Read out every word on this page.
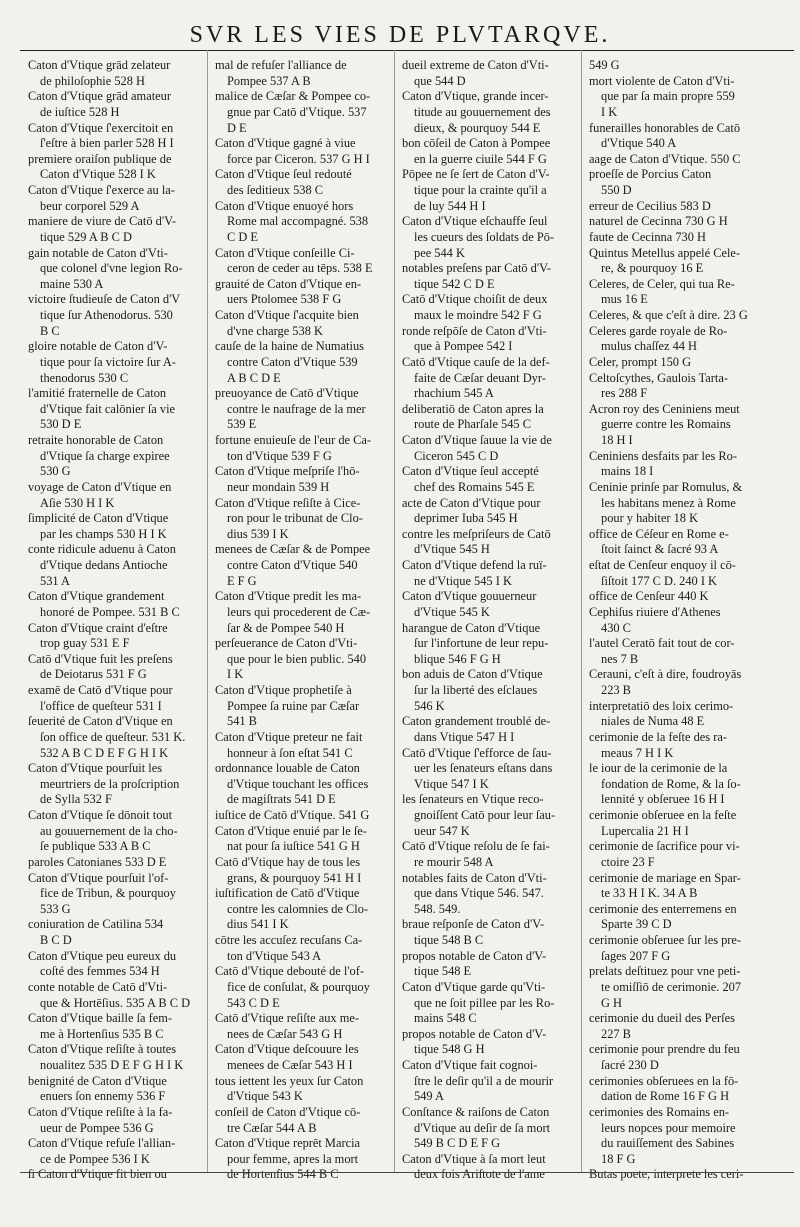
SVR LES VIES DE PLVTARQVE.
Caton d'Vtique grād zelateur
de philoſophie 528 H
Caton d'Vtique grād amateur
de iuſtice 528 H
Caton d'Vtique ſ'exercitoit en
ſ'eſtre à bien parler 528 H I
premiere oraiſon publique de
Caton d'Vtique 528 I K
Caton d'Vtique ſ'exerce au la-
beur corporel 529 A
maniere de viure de Catō d'V-
tique 529 A B C D
gain notable de Caton d'Vti-
que colonel d'vne legion Ro-
maine 530 A
victoire ſtudieuſe de Caton d'V
tique ſur Athenodorus. 530
B C
gloire notable de Caton d'V-
tique pour ſa victoire ſur A-
thenodorus 530 C
l'amitié fraternelle de Caton
d'Vtique fait calōnier ſa vie
530 D E
retraite honorable de Caton
d'Vtique ſa charge expiree
530 G
voyage de Caton d'Vtique en
Aſie 530 H I K
ſimplicité de Caton d'Vtique
par les champs 530 H I K
conte ridicule aduenu à Caton
d'Vtique dedans Antioche
531 A
Caton d'Vtique grandement
honoré de Pompee. 531 B C
Caton d'Vtique craint d'eſtre
trop guay 531 E F
Catō d'Vtique fuit les preſens
de Deiotarus 531 F G
examē de Catō d'Vtique pour
l'office de queſteur 531 I
ſeuerité de Caton d'Vtique en
ſon office de queſteur. 531 K.
532 A B C D E F G H I K
Caton d'Vtique pourſuit les
meurtriers de la proſcription
de Sylla 532 F
Caton d'Vtique ſe dōnoit tout
au gouuernement de la cho-
ſe publique 533 A B C
paroles Catonianes 533 D E
Caton d'Vtique pourſuit l'of-
fice de Tribun, & pourquoy
533 G
coniuration de Catilina 534
B C D
Caton d'Vtique peu eureux du
coſté des femmes 534 H
conte notable de Catō d'Vti-
que & Hortēſius. 535 A B C D
Caton d'Vtique baille ſa fem-
me à Hortenſius 535 B C
Caton d'Vtique reſiſte à toutes
noualitez 535 D E F G H I K
benignité de Caton d'Vtique
enuers ſon ennemy 536 F
Caton d'Vtique reſiſte à la fa-
ueur de Pompee 536 G
Caton d'Vtique refuſe l'allian-
ce de Pompee 536 I K
ſi Caton d'Vtique fit bien ou
mal de refuſer l'alliance de
Pompee 537 A B
malice de Cæſar & Pompee co-
gnue par Catō d'Vtique. 537
D E
Caton d'Vtique gagné à viue
force par Ciceron. 537 G H I
Caton d'Vtique ſeul redouté
des ſeditieux 538 C
Caton d'Vtique enuoyé hors
Rome mal accompagné. 538
C D E
Caton d'Vtique conſeille Ci-
ceron de ceder au tēps. 538 E
grauité de Caton d'Vtique en-
uers Ptolomee 538 F G
Caton d'Vtique ſ'acquite bien
d'vne charge 538 K
cauſe de la haine de Numatius
contre Caton d'Vtique 539
A B C D E
preuoyance de Catō d'Vtique
contre le naufrage de la mer
539 E
fortune enuieuſe de l'eur de Ca-
ton d'Vtique 539 F G
Caton d'Vtique meſpriſe l'hō-
neur mondain 539 H
Caton d'Vtique reſiſte à Cice-
ron pour le tribunat de Clo-
dius 539 I K
menees de Cæſar & de Pompee
contre Caton d'Vtique 540
E F G
Caton d'Vtique predit les ma-
leurs qui procederent de Cæ-
ſar & de Pompee 540 H
perſeuerance de Caton d'Vti-
que pour le bien public. 540
I K
Caton d'Vtique prophetiſe à
Pompee ſa ruine par Cæſar
541 B
Caton d'Vtique preteur ne fait
honneur à ſon eſtat 541 C
ordonnance louable de Caton
d'Vtique touchant les offices
de magiſtrats 541 D E
iuſtice de Catō d'Vtique. 541 G
Caton d'Vtique enuié par le ſe-
nat pour ſa iuſtice 541 G H
Catō d'Vtique hay de tous les
grans, & pourquoy 541 H I
iuſtification de Catō d'Vtique
contre les calomnies de Clo-
dius 541 I K
cōtre les accuſez recuſans Ca-
ton d'Vtique 543 A
Catō d'Vtique debouté de l'of-
fice de conſulat, & pourquoy
543 C D E
Catō d'Vtique reſiſte aux me-
nees de Cæſar 543 G H
Caton d'Vtique deſcouure les
menees de Cæſar 543 H I
tous iettent les yeux ſur Caton
d'Vtique 543 K
conſeil de Caton d'Vtique cō-
tre Cæſar 544 A B
Caton d'Vtique reprēt Marcia
pour femme, apres la mort
de Hortenſius 544 B C
dueil extreme de Caton d'Vti-
que 544 D
Caton d'Vtique, grande incer-
titude au gouuernement des
dieux, & pourquoy 544 E
bon cōſeil de Caton à Pompee
en la guerre ciuile 544 F G
Pōpee ne ſe ſert de Caton d'V-
tique pour la crainte qu'il a
de luy 544 H I
Caton d'Vtique eſchauffe ſeul
les cueurs des ſoldats de Pō-
pee 544 K
notables preſens par Catō d'V-
tique 542 C D E
Catō d'Vtique choiſit de deux
maux le moindre 542 F G
ronde reſpōſe de Caton d'Vti-
que à Pompee 542 I
Catō d'Vtique cauſe de la def-
faite de Cæſar deuant Dyr-
rhachium 545 A
deliberatiō de Caton apres la
route de Pharſale 545 C
Caton d'Vtique ſauue la vie de
Ciceron 545 C D
Caton d'Vtique ſeul accepté
chef des Romains 545 E
acte de Caton d'Vtique pour
deprimer Iuba 545 H
contre les meſpriſeurs de Catō
d'Vtique 545 H
Caton d'Vtique defend la ruï-
ne d'Vtique 545 I K
Caton d'Vtique gouuerneur
d'Vtique 545 K
harangue de Caton d'Vtique
ſur l'infortune de leur repu-
blique 546 F G H
bon aduis de Caton d'Vtique
ſur la liberté des eſclaues
546 K
Caton grandement troublé de-
dans Vtique 547 H I
Catō d'Vtique ſ'efforce de ſau-
uer les ſenateurs eſtans dans
Vtique 547 I K
les ſenateurs en Vtique reco-
gnoiſſent Catō pour leur ſau-
ueur 547 K
Catō d'Vtique reſolu de ſe fai-
re mourir 548 A
notables faits de Caton d'Vti-
que dans Vtique 546. 547.
548. 549.
braue reſponſe de Caton d'V-
tique 548 B C
propos notable de Caton d'V-
tique 548 E
Caton d'Vtique garde qu'Vti-
que ne ſoit pillee par les Ro-
mains 548 C
propos notable de Caton d'V-
tique 548 G H
Caton d'Vtique fait cognoi-
ſtre le deſir qu'il a de mourir
549 A
Conſtance & raiſons de Caton
d'Vtique au deſir de ſa mort
549 B C D E F G
Caton d'Vtique à ſa mort leut
deux fois Ariſtote de l'ame
549 G
mort violente de Caton d'Vti-
que par ſa main propre 559
I K
funerailles honorables de Catō
d'Vtique 540 A
aage de Caton d'Vtique. 550 C
proeſſe de Porcius Caton
550 D
erreur de Cecilius 583 D
naturel de Cecinna 730 G H
faute de Cecinna 730 H
Quintus Metellus appelé Cele-
re, & pourquoy 16 E
Celeres, de Celer, qui tua Re-
mus 16 E
Celeres, & que c'eſt à dire. 23 G
Celeres garde royale de Ro-
mulus chaſſez 44 H
Celer, prompt 150 G
Celtoſcythes, Gaulois Tarta-
res 288 F
Acron roy des Ceniniens meut
guerre contre les Romains
18 H I
Ceniniens desfaits par les Ro-
mains 18 I
Ceninie prinſe par Romulus, &
les habitans menez à Rome
pour y habiter 18 K
office de Céſeur en Rome e-
ſtoit ſainct & ſacré 93 A
eſtat de Cenſeur enquoy il cō-
ſiſtoit 177 C D. 240 I K
office de Cenſeur 440 K
Cephiſus riuiere d'Athenes
430 C
l'autel Ceratō fait tout de cor-
nes 7 B
Cerauni, c'eſt à dire, foudroyās
223 B
interpretatiō des loix cerimo-
niales de Numa 48 E
cerimonie de la feſte des ra-
meaus 7 H I K
le iour de la cerimonie de la
fondation de Rome, & la ſo-
lennité y obſeruee 16 H I
cerimonie obſeruee en la feſte
Lupercalia 21 H I
cerimonie de ſacrifice pour vi-
ctoire 23 F
cerimonie de mariage en Spar-
te 33 H I K. 34 A B
cerimonie des enterremens en
Sparte 39 C D
cerimonie obſeruee ſur les pre-
ſages 207 F G
prelats deſtituez pour vne peti-
te omiſſiō de cerimonie. 207
G H
cerimonie du dueil des Perſes
227 B
cerimonie pour prendre du feu
ſacré 230 D
cerimonies obſeruees en la fō-
dation de Rome 16 F G H
cerimonies des Romains en-
leurs nopces pour memoire
du rauiſſement des Sabines
18 F G
Butas poete, interprete les ceri-
